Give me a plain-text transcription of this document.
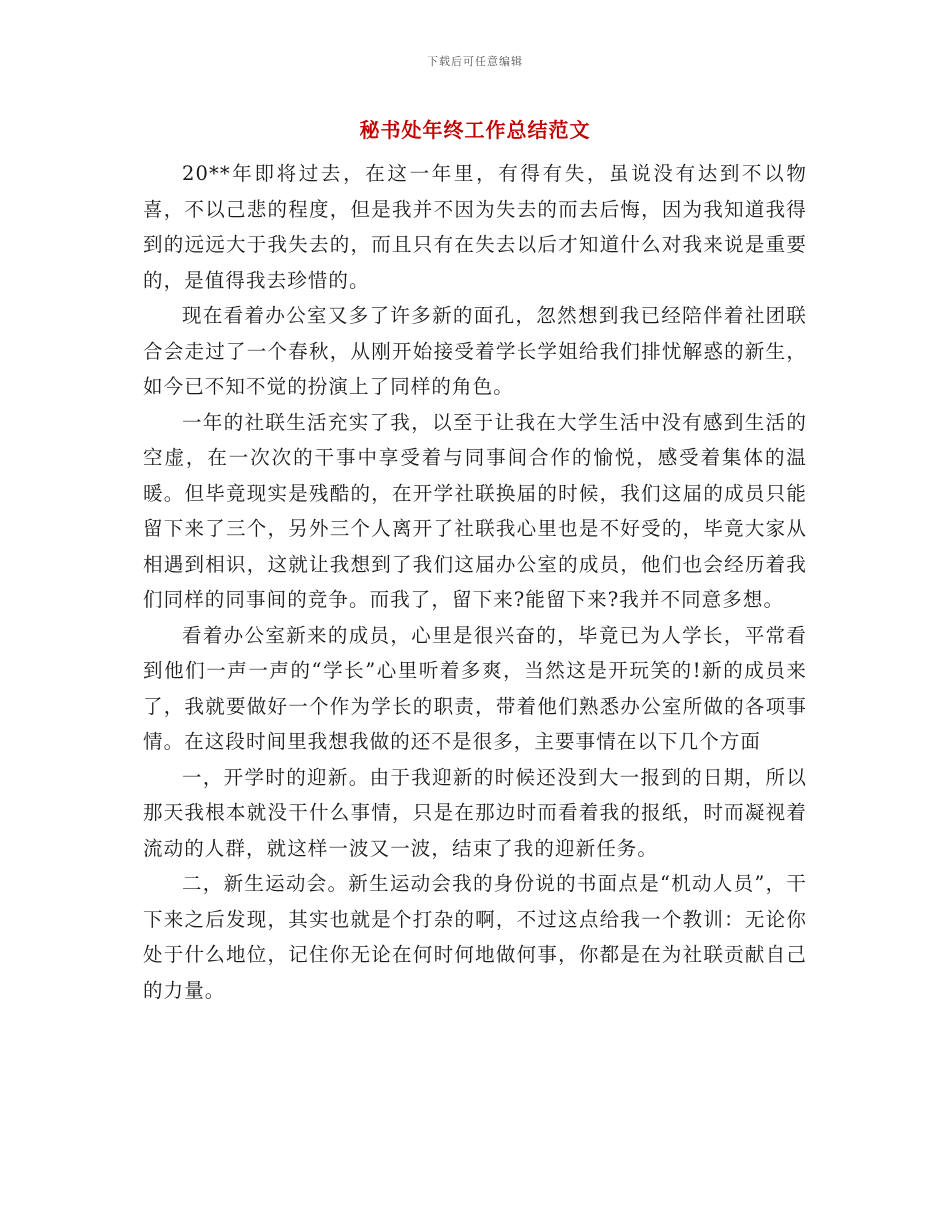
下载后可任意编辑
秘书处年终工作总结范文

20**年即将过去，在这一年里，有得有失，虽说没有达到不以物喜，不以己悲的程度，但是我并不因为失去的而去后悔，因为我知道我得到的远远大于我失去的，而且只有在失去以后才知道什么对我来说是重要的，是值得我去珍惜的。

现在看着办公室又多了许多新的面孔，忽然想到我已经陪伴着社团联合会走过了一个春秋，从刚开始接受着学长学姐给我们排忧解惑的新生，如今已不知不觉的扮演上了同样的角色。

一年的社联生活充实了我，以至于让我在大学生活中没有感到生活的空虚，在一次次的干事中享受着与同事间合作的愉悦，感受着集体的温暖。但毕竟现实是残酷的，在开学社联换届的时候，我们这届的成员只能留下来了三个，另外三个人离开了社联我心里也是不好受的，毕竟大家从相遇到相识，这就让我想到了我们这届办公室的成员，他们也会经历着我们同样的同事间的竞争。而我了，留下来?能留下来?我并不同意多想。

看着办公室新来的成员，心里是很兴奋的，毕竟已为人学长，平常看到他们一声一声的“学长”心里听着多爽，当然这是开玩笑的!新的成员来了，我就要做好一个作为学长的职责，带着他们熟悉办公室所做的各项事情。在这段时间里我想我做的还不是很多，主要事情在以下几个方面

一，开学时的迎新。由于我迎新的时候还没到大一报到的日期，所以那天我根本就没干什么事情，只是在那边时而看着我的报纸，时而凝视着流动的人群，就这样一波又一波，结束了我的迎新任务。

二，新生运动会。新生运动会我的身份说的书面点是“机动人员”，干下来之后发现，其实也就是个打杂的啊，不过这点给我一个教训：无论你处于什么地位，记住你无论在何时何地做何事，你都是在为社联贡献自己的力量。
